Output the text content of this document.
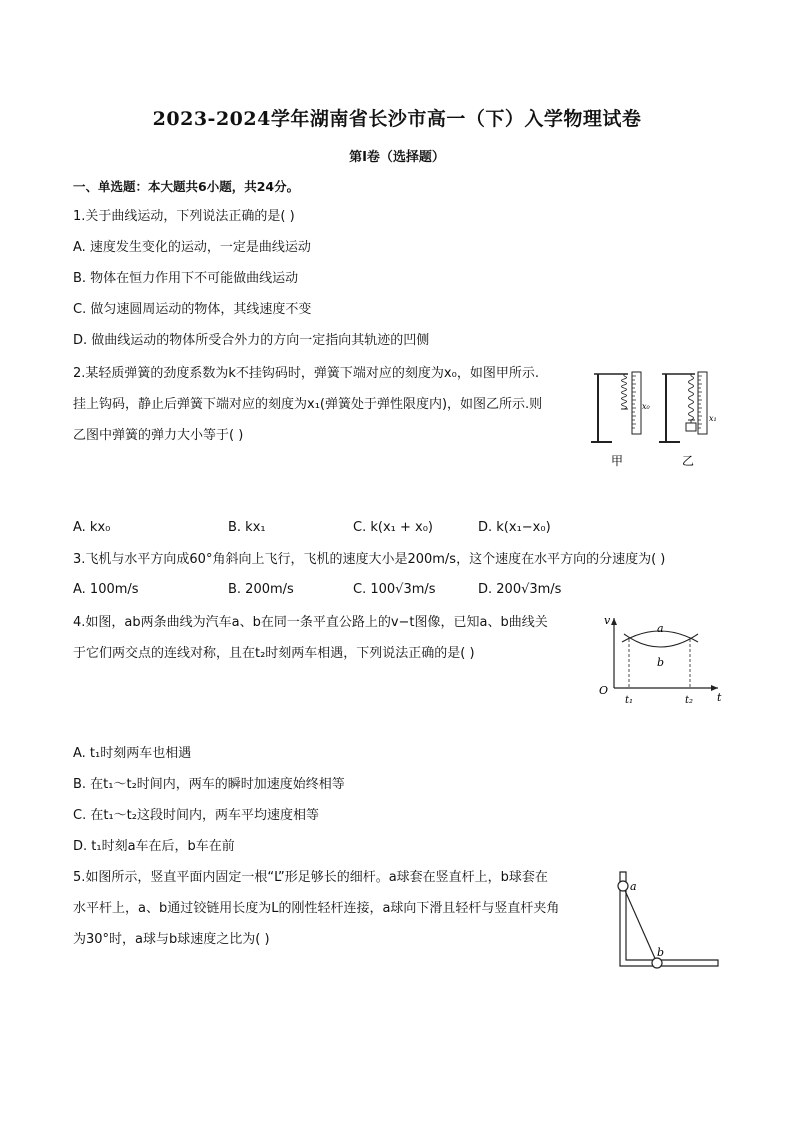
2023-2024学年湖南省长沙市高一（下）入学物理试卷
第I卷（选择题）
一、单选题：本大题共6小题，共24分。
1.关于曲线运动，下列说法正确的是( )
A. 速度发生变化的运动，一定是曲线运动
B. 物体在恒力作用下不可能做曲线运动
C. 做匀速圆周运动的物体，其线速度不变
D. 做曲线运动的物体所受合外力的方向一定指向其轨迹的凹侧
2.某轻质弹簧的劲度系数为k不挂钩码时，弹簧下端对应的刻度为x₀，如图甲所示.
挂上钩码，静止后弹簧下端对应的刻度为x₁(弹簧处于弹性限度内)，如图乙所示.则
乙图中弹簧的弹力大小等于( )
x₀
x₁
甲	乙
A. kx₀	B. kx₁	C. k(x₁ + x₀)	D. k(x₁−x₀)
3.飞机与水平方向成60°角斜向上飞行，飞机的速度大小是200m/s，这个速度在水平方向的分速度为( )
A. 100m/s	B. 200m/s	C. 100√3m/s	D. 200√3m/s
4.如图，ab两条曲线为汽车a、b在同一条平直公路上的v−t图像，已知a、b曲线关
于它们两交点的连线对称，且在t₂时刻两车相遇，下列说法正确的是( )
v
t
O
a
b
t₁	t₂
A. t₁时刻两车也相遇
B. 在t₁～t₂时间内，两车的瞬时加速度始终相等
C. 在t₁～t₂这段时间内，两车平均速度相等
D. t₁时刻a车在后，b车在前
5.如图所示，竖直平面内固定一根“L”形足够长的细杆。a球套在竖直杆上，b球套在
水平杆上，a、b通过铰链用长度为L的刚性轻杆连接，a球向下滑且轻杆与竖直杆夹角
为30°时，a球与b球速度之比为( )
a
b
